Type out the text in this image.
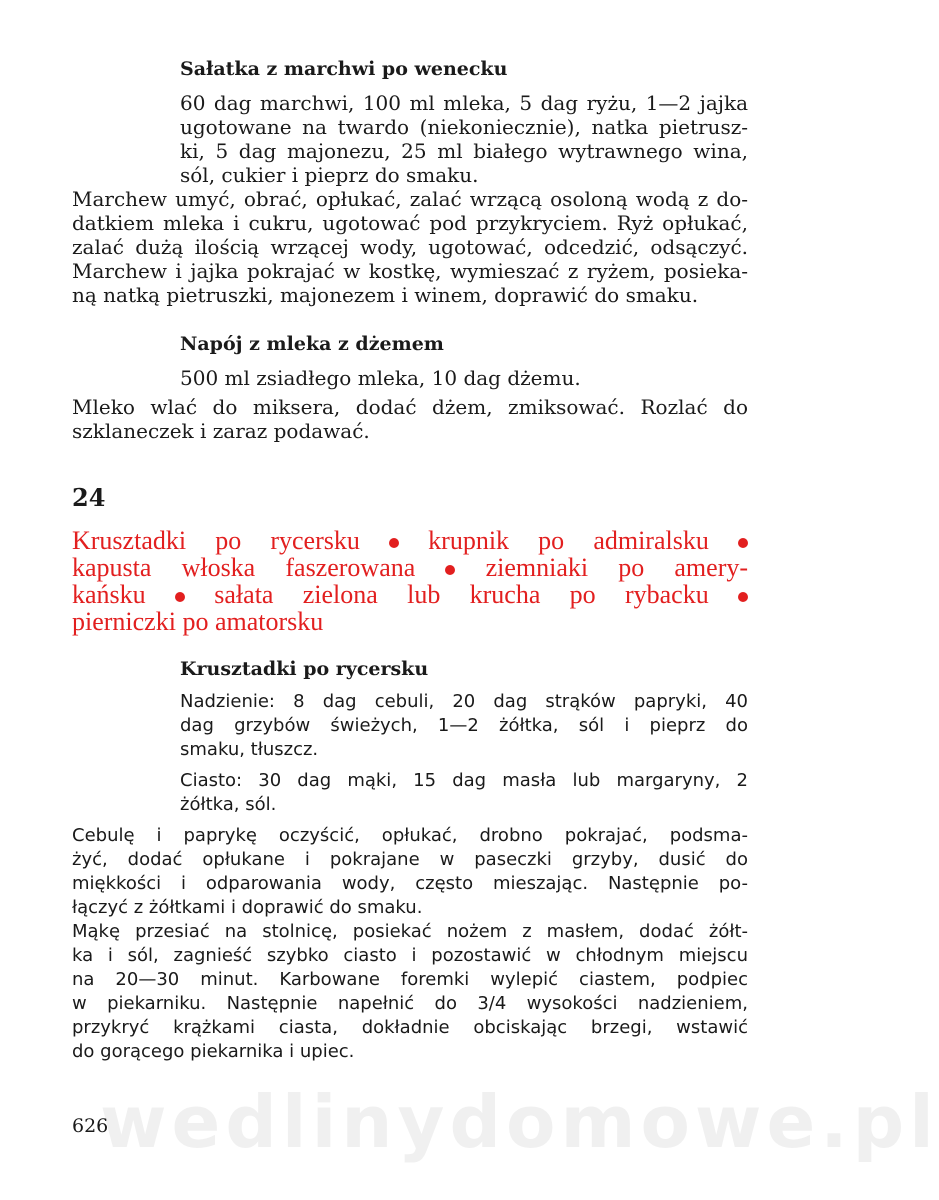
wedlinydomowe.pl
Sałatka z marchwi po wenecku
60 dag marchwi, 100 ml mleka, 5 dag ryżu, 1—2 jajka
ugotowane na twardo (niekoniecznie), natka pietrusz-
ki, 5 dag majonezu, 25 ml białego wytrawnego wina,
sól, cukier i pieprz do smaku.
Marchew umyć, obrać, opłukać, zalać wrzącą osoloną wodą z do-
datkiem mleka i cukru, ugotować pod przykryciem. Ryż opłukać,
zalać dużą ilością wrzącej wody, ugotować, odcedzić, odsączyć.
Marchew i jajka pokrajać w kostkę, wymieszać z ryżem, posieka-
ną natką pietruszki, majonezem i winem, doprawić do smaku.
Napój z mleka z dżemem
500 ml zsiadłego mleka, 10 dag dżemu.
Mleko wlać do miksera, dodać dżem, zmiksować. Rozlać do
szklaneczek i zaraz podawać.
24
Krusztadki po rycersku	krupnik po admiralsku
kapusta włoska faszerowana	ziemniaki po amery-
kańsku	sałata zielona lub krucha po rybacku
pierniczki po amatorsku
Krusztadki po rycersku
Nadzienie: 8 dag cebuli, 20 dag strąków papryki, 40
dag grzybów świeżych, 1—2 żółtka, sól i pieprz do
smaku, tłuszcz.
Ciasto: 30 dag mąki, 15 dag masła lub margaryny, 2
żółtka, sól.
Cebulę i paprykę oczyścić, opłukać, drobno pokrajać, podsma-
żyć, dodać opłukane i pokrajane w paseczki grzyby, dusić do
miękkości i odparowania wody, często mieszając. Następnie po-
łączyć z żółtkami i doprawić do smaku.
Mąkę przesiać na stolnicę, posiekać nożem z masłem, dodać żółt-
ka i sól, zagnieść szybko ciasto i pozostawić w chłodnym miejscu
na 20—30 minut. Karbowane foremki wylepić ciastem, podpiec
w piekarniku. Następnie napełnić do 3/4 wysokości nadzieniem,
przykryć krążkami ciasta, dokładnie obciskając brzegi, wstawić
do gorącego piekarnika i upiec.
626
